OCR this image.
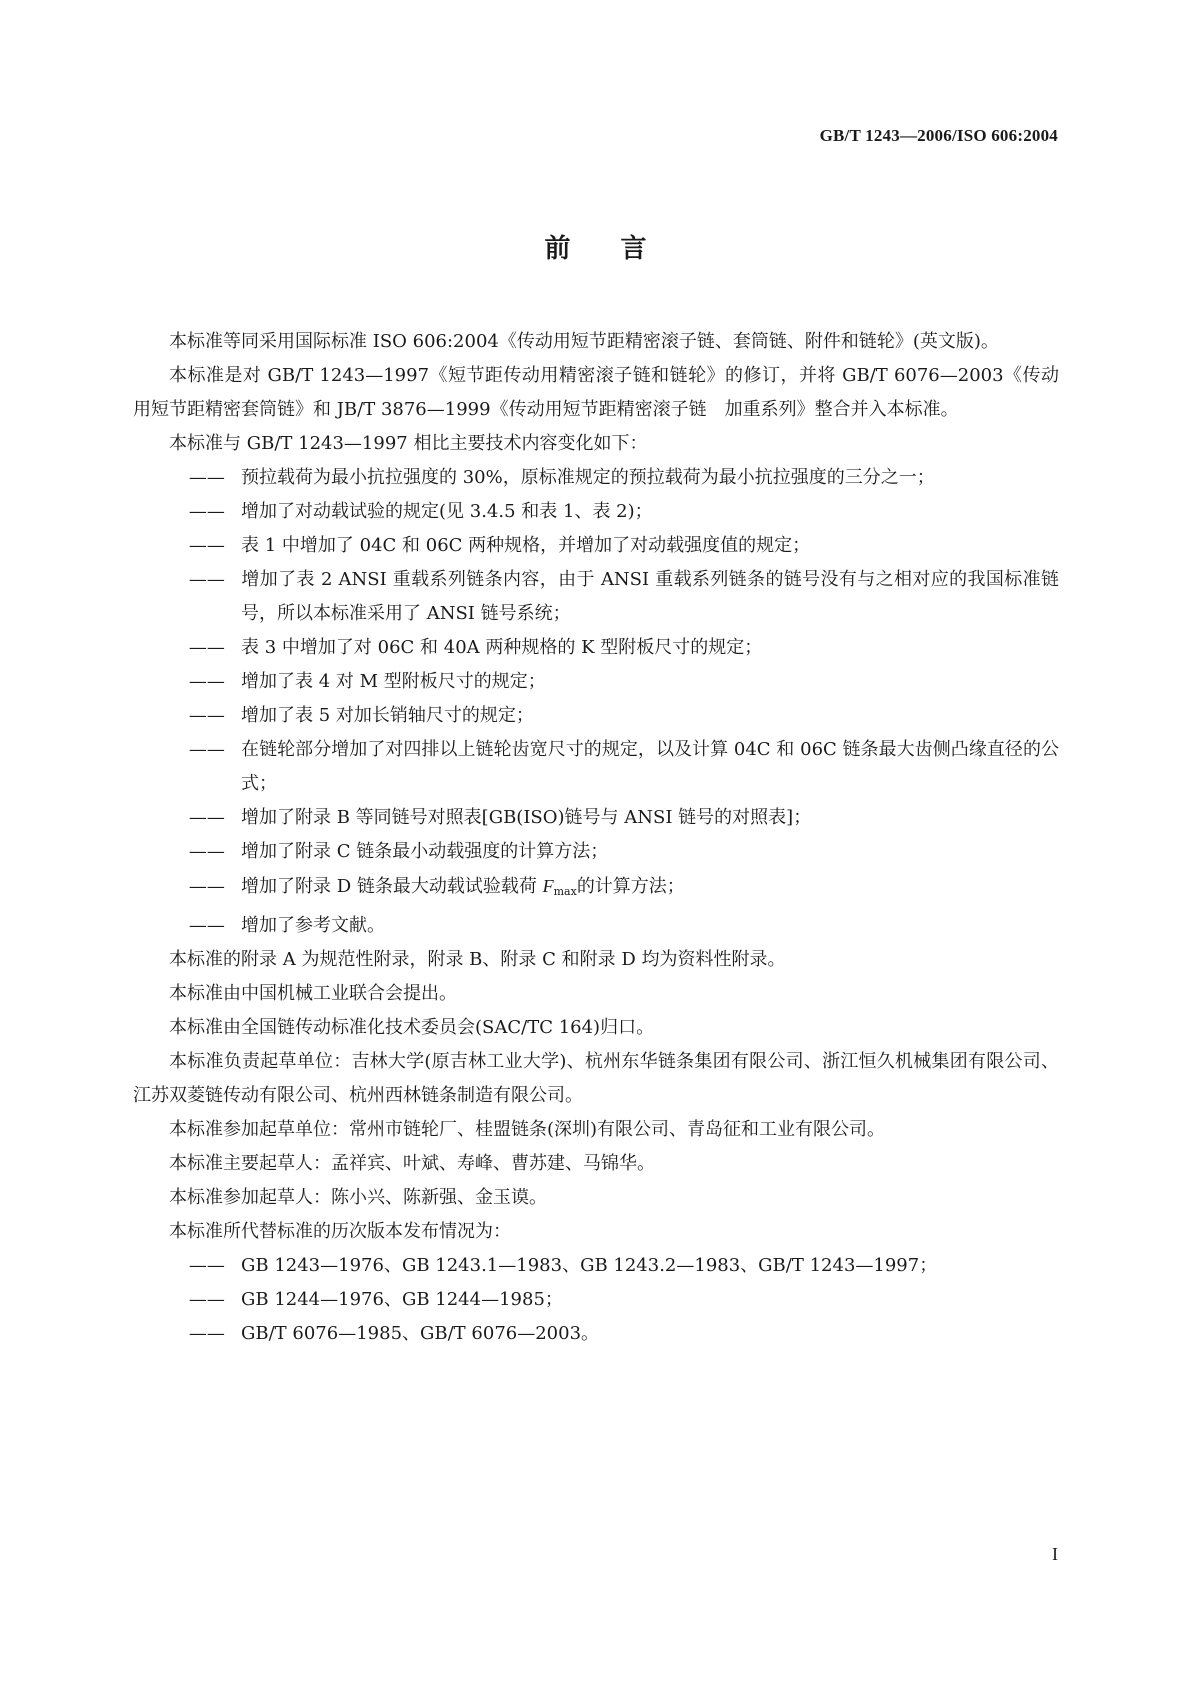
GB/T 1243—2006/ISO 606:2004
前言

本标准等同采用国际标准 ISO 606:2004《传动用短节距精密滚子链、套筒链、附件和链轮》(英文版)。

本标准是对 GB/T 1243—1997《短节距传动用精密滚子链和链轮》的修订，并将 GB/T 6076—2003《传动用短节距精密套筒链》和 JB/T 3876—1999《传动用短节距精密滚子链　加重系列》整合并入本标准。

本标准与 GB/T 1243—1997 相比主要技术内容变化如下：

—— 预拉载荷为最小抗拉强度的 30%，原标准规定的预拉载荷为最小抗拉强度的三分之一；

—— 增加了对动载试验的规定(见 3.4.5 和表 1、表 2)；

—— 表 1 中增加了 04C 和 06C 两种规格，并增加了对动载强度值的规定；

—— 增加了表 2 ANSI 重载系列链条内容，由于 ANSI 重载系列链条的链号没有与之相对应的我国标准链号，所以本标准采用了 ANSI 链号系统；

—— 表 3 中增加了对 06C 和 40A 两种规格的 K 型附板尺寸的规定；

—— 增加了表 4 对 M 型附板尺寸的规定；

—— 增加了表 5 对加长销轴尺寸的规定；

—— 在链轮部分增加了对四排以上链轮齿宽尺寸的规定，以及计算 04C 和 06C 链条最大齿侧凸缘直径的公式；

—— 增加了附录 B 等同链号对照表[GB(ISO)链号与 ANSI 链号的对照表]；

—— 增加了附录 C 链条最小动载强度的计算方法；

—— 增加了附录 D 链条最大动载试验载荷 $F_{max}$的计算方法；

—— 增加了参考文献。

本标准的附录 A 为规范性附录，附录 B、附录 C 和附录 D 均为资料性附录。

本标准由中国机械工业联合会提出。

本标准由全国链传动标准化技术委员会(SAC/TC 164)归口。

本标准负责起草单位：吉林大学(原吉林工业大学)、杭州东华链条集团有限公司、浙江恒久机械集团有限公司、江苏双菱链传动有限公司、杭州西林链条制造有限公司。

本标准参加起草单位：常州市链轮厂、桂盟链条(深圳)有限公司、青岛征和工业有限公司。

本标准主要起草人：孟祥宾、叶斌、寿峰、曹苏建、马锦华。

本标准参加起草人：陈小兴、陈新强、金玉谟。

本标准所代替标准的历次版本发布情况为：

—— GB 1243—1976、GB 1243.1—1983、GB 1243.2—1983、GB/T 1243—1997；

—— GB 1244—1976、GB 1244—1985；

—— GB/T 6076—1985、GB/T 6076—2003。

I
